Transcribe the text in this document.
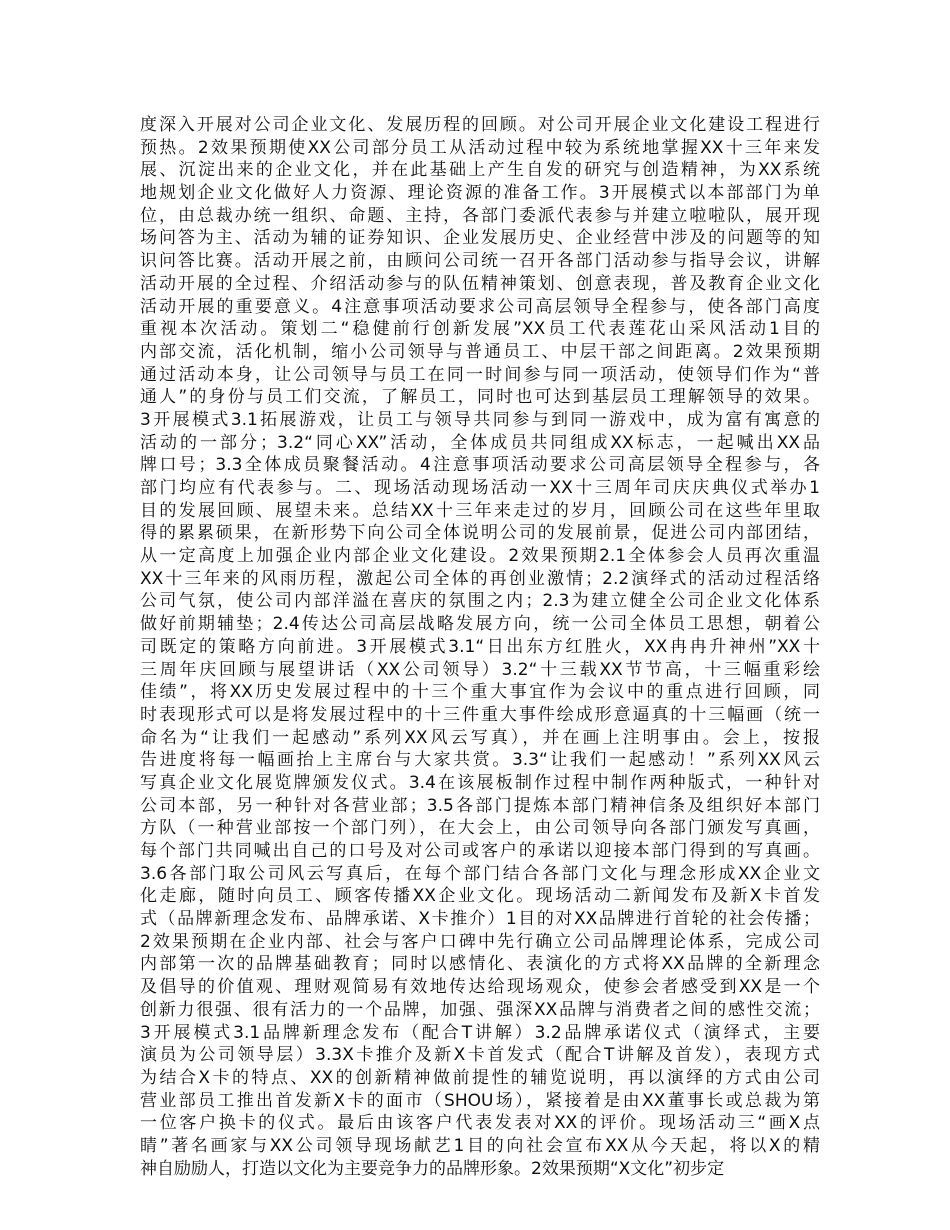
度深入开展对公司企业文化、发展历程的回顾。对公司开展企业文化建设工程进行
预热。2效果预期使XX公司部分员工从活动过程中较为系统地掌握XX十三年来发
展、沉淀出来的企业文化，并在此基础上产生自发的研究与创造精神，为XX系统
地规划企业文化做好人力资源、理论资源的准备工作。3开展模式以本部部门为单
位，由总裁办统一组织、命题、主持，各部门委派代表参与并建立啦啦队，展开现
场问答为主、活动为辅的证券知识、企业发展历史、企业经营中涉及的问题等的知
识问答比赛。活动开展之前，由顾问公司统一召开各部门活动参与指导会议，讲解
活动开展的全过程、介绍活动参与的队伍精神策划、创意表现，普及教育企业文化
活动开展的重要意义。4注意事项活动要求公司高层领导全程参与，使各部门高度
重视本次活动。策划二“稳健前行创新发展”XX员工代表莲花山采风活动1目的
内部交流，活化机制，缩小公司领导与普通员工、中层干部之间距离。2效果预期
通过活动本身，让公司领导与员工在同一时间参与同一项活动，使领导们作为“普
通人”的身份与员工们交流，了解员工，同时也可达到基层员工理解领导的效果。
3开展模式3.1拓展游戏，让员工与领导共同参与到同一游戏中，成为富有寓意的
活动的一部分；3.2“同心XX”活动，全体成员共同组成XX标志，一起喊出XX品
牌口号；3.3全体成员聚餐活动。4注意事项活动要求公司高层领导全程参与，各
部门均应有代表参与。二、现场活动现场活动一XX十三周年司庆庆典仪式举办1
目的发展回顾、展望未来。总结XX十三年来走过的岁月，回顾公司在这些年里取
得的累累硕果，在新形势下向公司全体说明公司的发展前景，促进公司内部团结，
从一定高度上加强企业内部企业文化建设。2效果预期2.1全体参会人员再次重温
XX十三年来的风雨历程，激起公司全体的再创业激情；2.2演绎式的活动过程活络
公司气氛，使公司内部洋溢在喜庆的氛围之内；2.3为建立健全公司企业文化体系
做好前期辅垫；2.4传达公司高层战略发展方向，统一公司全体员工思想，朝着公
司既定的策略方向前进。3开展模式3.1“日出东方红胜火，XX冉冉升神州”XX十
三周年庆回顾与展望讲话（XX公司领导）3.2“十三载XX节节高，十三幅重彩绘
佳绩”，将XX历史发展过程中的十三个重大事宜作为会议中的重点进行回顾，同
时表现形式可以是将发展过程中的十三件重大事件绘成形意逼真的十三幅画（统一
命名为“让我们一起感动”系列XX风云写真），并在画上注明事由。会上，按报
告进度将每一幅画抬上主席台与大家共赏。3.3“让我们一起感动！”系列XX风云
写真企业文化展览牌颁发仪式。3.4在该展板制作过程中制作两种版式，一种针对
公司本部，另一种针对各营业部；3.5各部门提炼本部门精神信条及组织好本部门
方队（一种营业部按一个部门列），在大会上，由公司领导向各部门颁发写真画，
每个部门共同喊出自己的口号及对公司或客户的承诺以迎接本部门得到的写真画。
3.6各部门取公司风云写真后，在每个部门结合各部门文化与理念形成XX企业文
化走廊，随时向员工、顾客传播XX企业文化。现场活动二新闻发布及新X卡首发
式（品牌新理念发布、品牌承诺、X卡推介）1目的对XX品牌进行首轮的社会传播；
2效果预期在企业内部、社会与客户口碑中先行确立公司品牌理论体系，完成公司
内部第一次的品牌基础教育；同时以感情化、表演化的方式将XX品牌的全新理念
及倡导的价值观、理财观简易有效地传达给现场观众，使参会者感受到XX是一个
创新力很强、很有活力的一个品牌，加强、强深XX品牌与消费者之间的感性交流；
3开展模式3.1品牌新理念发布（配合T讲解）3.2品牌承诺仪式（演绎式，主要
演员为公司领导层）3.3X卡推介及新X卡首发式（配合T讲解及首发），表现方式
为结合X卡的特点、XX的创新精神做前提性的辅览说明，再以演绎的方式由公司
营业部员工推出首发新X卡的面市（SHOU场），紧接着是由XX董事长或总裁为第
一位客户换卡的仪式。最后由该客户代表发表对XX的评价。现场活动三“画X点
睛”著名画家与XX公司领导现场献艺1目的向社会宣布XX从今天起，将以X的精
神自励励人，打造以文化为主要竞争力的品牌形象。2效果预期“X文化”初步定
